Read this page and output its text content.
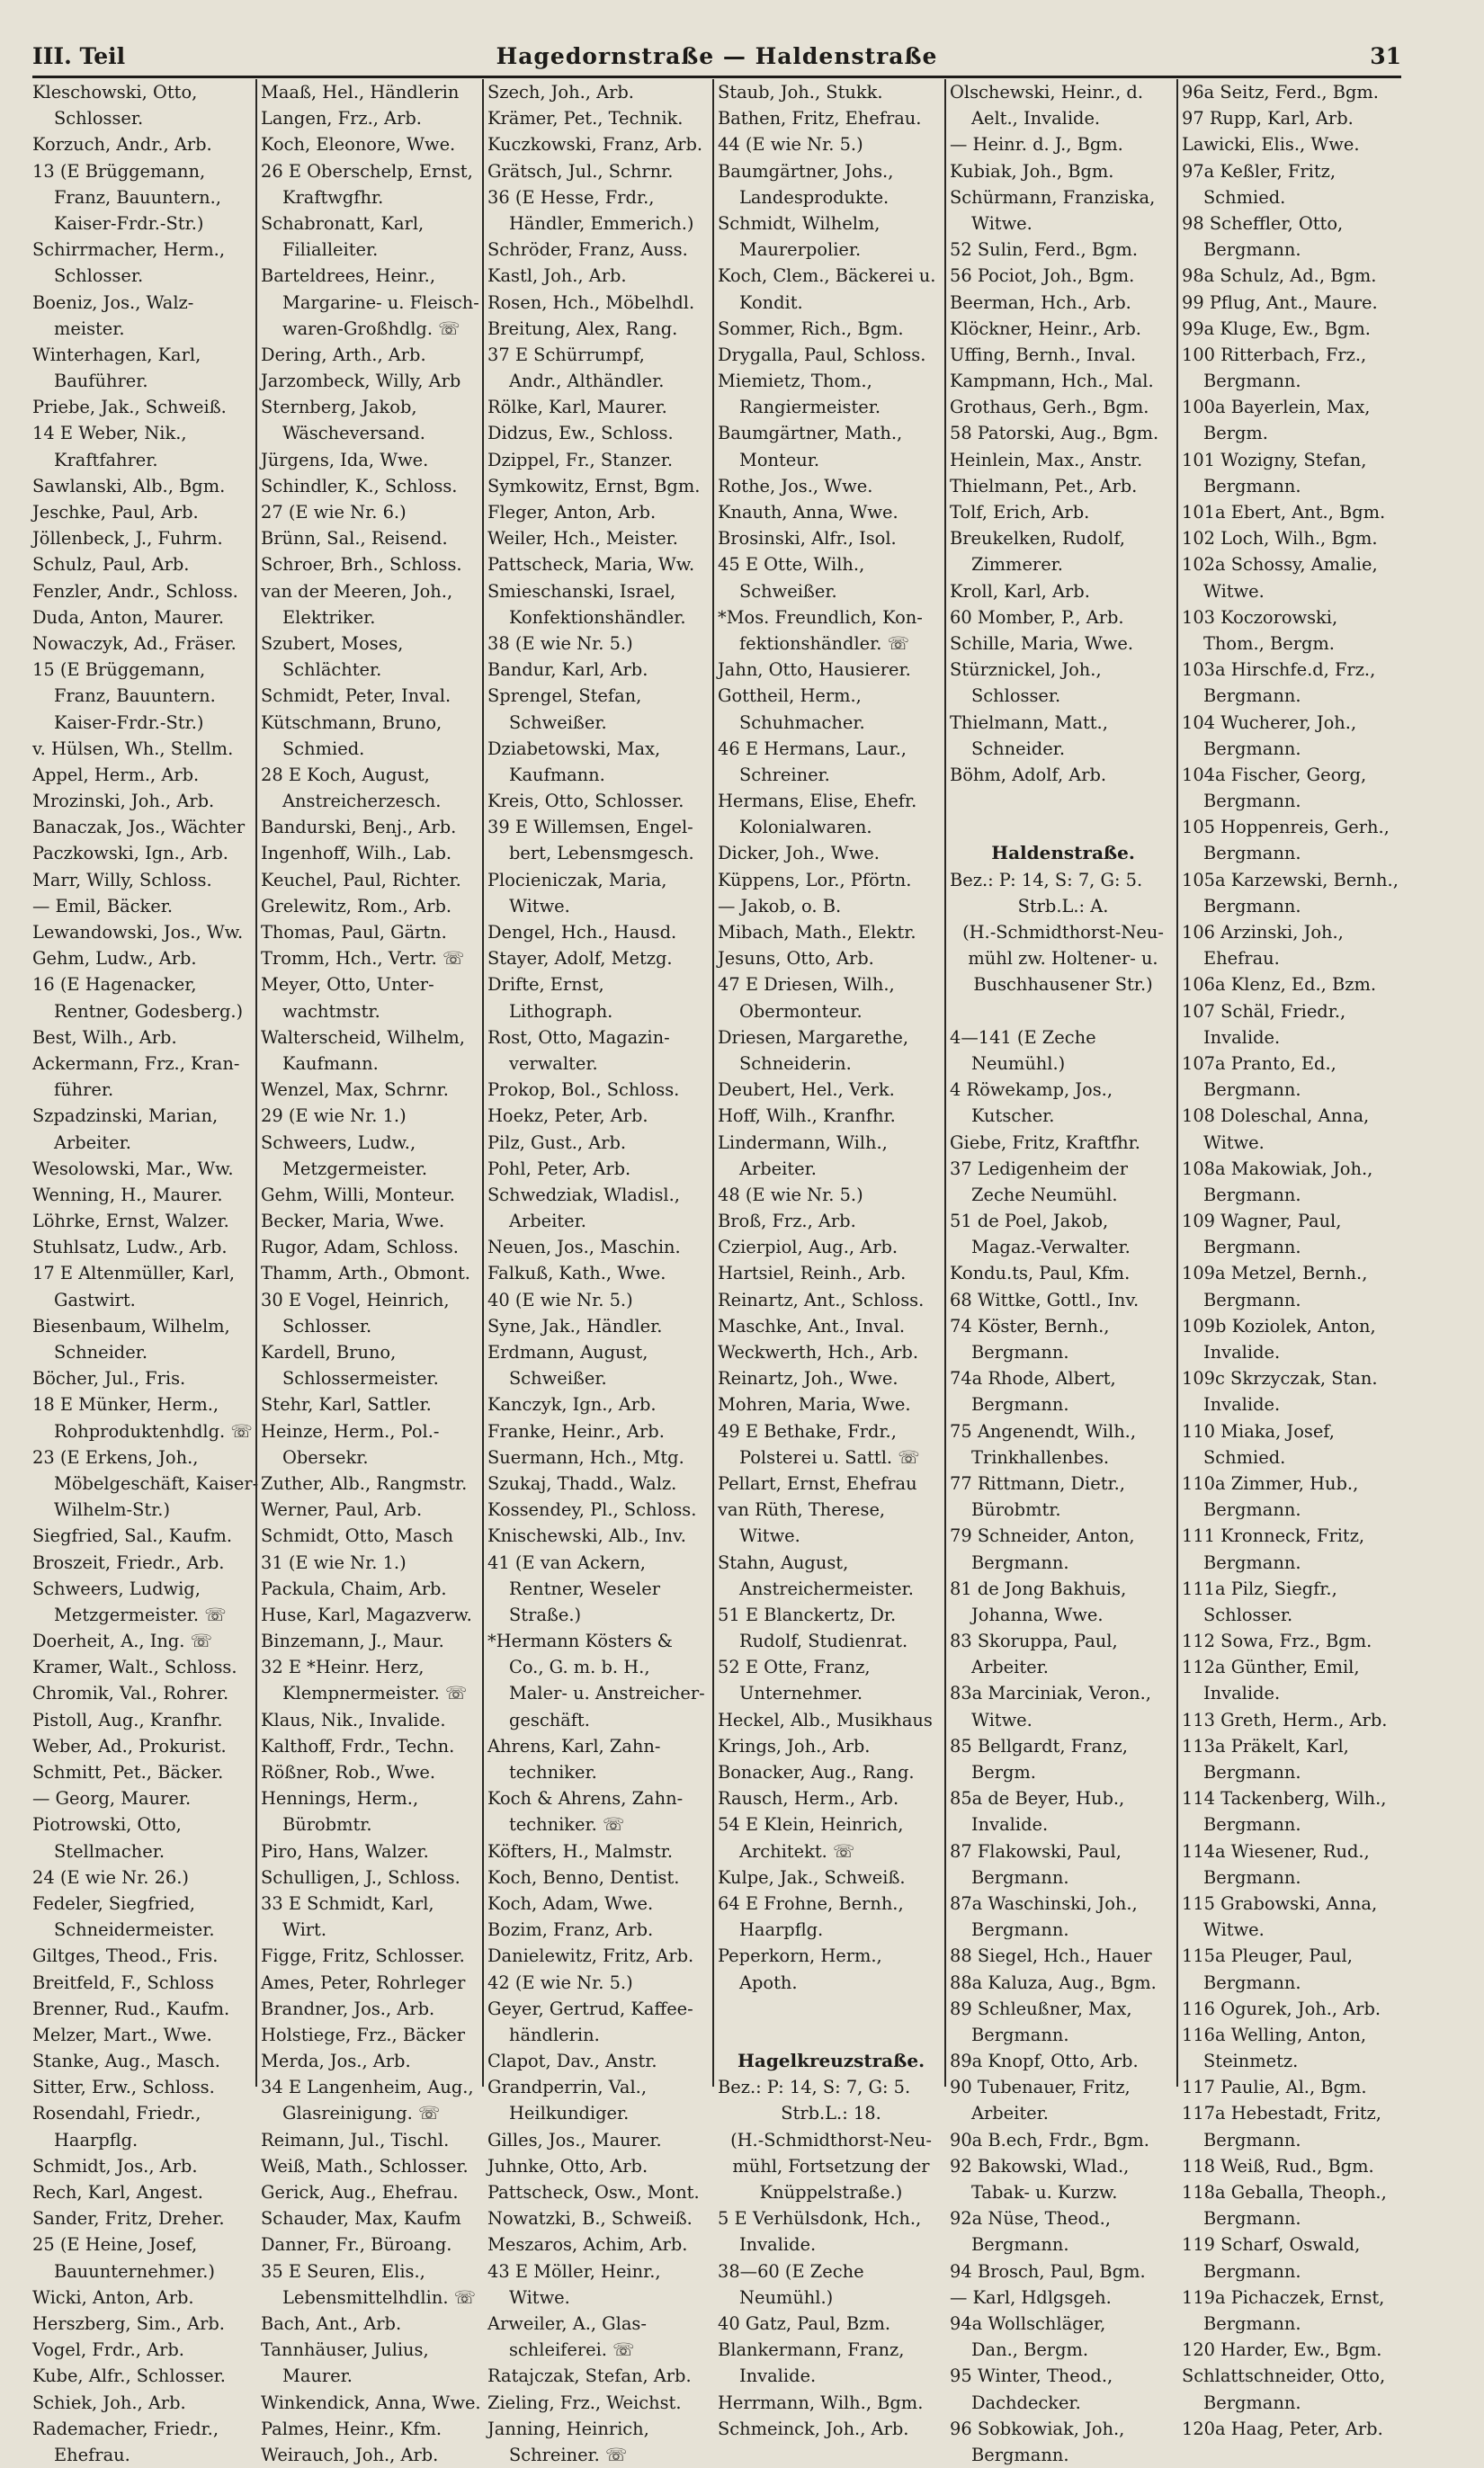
III. Teil	Hagedornstraße — Haldenstraße	31
Kleschowski, Otto,
Schlosser.
Korzuch, Andr., Arb.
13 (E Brüggemann,
Franz, Bauuntern.,
Kaiser-Frdr.-Str.)
Schirrmacher, Herm.,
Schlosser.
Boeniz, Jos., Walz-
meister.
Winterhagen, Karl,
Bauführer.
Priebe, Jak., Schweiß.
14 E Weber, Nik.,
Kraftfahrer.
Sawlanski, Alb., Bgm.
Jeschke, Paul, Arb.
Jöllenbeck, J., Fuhrm.
Schulz, Paul, Arb.
Fenzler, Andr., Schloss.
Duda, Anton, Maurer.
Nowaczyk, Ad., Fräser.
15 (E Brüggemann,
Franz, Bauuntern.
Kaiser-Frdr.-Str.)
v. Hülsen, Wh., Stellm.
Appel, Herm., Arb.
Mrozinski, Joh., Arb.
Banaczak, Jos., Wächter
Paczkowski, Ign., Arb.
Marr, Willy, Schloss.
— Emil, Bäcker.
Lewandowski, Jos., Ww.
Gehm, Ludw., Arb.
16 (E Hagenacker,
Rentner, Godesberg.)
Best, Wilh., Arb.
Ackermann, Frz., Kran-
führer.
Szpadzinski, Marian,
Arbeiter.
Wesolowski, Mar., Ww.
Wenning, H., Maurer.
Löhrke, Ernst, Walzer.
Stuhlsatz, Ludw., Arb.
17 E Altenmüller, Karl,
Gastwirt.
Biesenbaum, Wilhelm,
Schneider.
Böcher, Jul., Fris.
18 E Münker, Herm.,
Rohproduktenhdlg. ☏
23 (E Erkens, Joh.,
Möbelgeschäft, Kaiser-
Wilhelm-Str.)
Siegfried, Sal., Kaufm.
Broszeit, Friedr., Arb.
Schweers, Ludwig,
Metzgermeister. ☏
Doerheit, A., Ing. ☏
Kramer, Walt., Schloss.
Chromik, Val., Rohrer.
Pistoll, Aug., Kranfhr.
Weber, Ad., Prokurist.
Schmitt, Pet., Bäcker.
— Georg, Maurer.
Piotrowski, Otto,
Stellmacher.
24 (E wie Nr. 26.)
Fedeler, Siegfried,
Schneidermeister.
Giltges, Theod., Fris.
Breitfeld, F., Schloss
Brenner, Rud., Kaufm.
Melzer, Mart., Wwe.
Stanke, Aug., Masch.
Sitter, Erw., Schloss.
Rosendahl, Friedr.,
Haarpflg.
Schmidt, Jos., Arb.
Rech, Karl, Angest.
Sander, Fritz, Dreher.
25 (E Heine, Josef,
Bauunternehmer.)
Wicki, Anton, Arb.
Herszberg, Sim., Arb.
Vogel, Frdr., Arb.
Kube, Alfr., Schlosser.
Schiek, Joh., Arb.
Rademacher, Friedr.,
Ehefrau.
Maaß, Hel., Händlerin
Langen, Frz., Arb.
Koch, Eleonore, Wwe.
26 E Oberschelp, Ernst,
Kraftwgfhr.
Schabronatt, Karl,
Filialleiter.
Barteldrees, Heinr.,
Margarine- u. Fleisch-
waren-Großhdlg. ☏
Dering, Arth., Arb.
Jarzombeck, Willy, Arb
Sternberg, Jakob,
Wäscheversand.
Jürgens, Ida, Wwe.
Schindler, K., Schloss.
27 (E wie Nr. 6.)
Brünn, Sal., Reisend.
Schroer, Brh., Schloss.
van der Meeren, Joh.,
Elektriker.
Szubert, Moses,
Schlächter.
Schmidt, Peter, Inval.
Kütschmann, Bruno,
Schmied.
28 E Koch, August,
Anstreicherzesch.
Bandurski, Benj., Arb.
Ingenhoff, Wilh., Lab.
Keuchel, Paul, Richter.
Grelewitz, Rom., Arb.
Thomas, Paul, Gärtn.
Tromm, Hch., Vertr. ☏
Meyer, Otto, Unter-
wachtmstr.
Walterscheid, Wilhelm,
Kaufmann.
Wenzel, Max, Schrnr.
29 (E wie Nr. 1.)
Schweers, Ludw.,
Metzgermeister.
Gehm, Willi, Monteur.
Becker, Maria, Wwe.
Rugor, Adam, Schloss.
Thamm, Arth., Obmont.
30 E Vogel, Heinrich,
Schlosser.
Kardell, Bruno,
Schlossermeister.
Stehr, Karl, Sattler.
Heinze, Herm., Pol.-
Obersekr.
Zuther, Alb., Rangmstr.
Werner, Paul, Arb.
Schmidt, Otto, Masch
31 (E wie Nr. 1.)
Packula, Chaim, Arb.
Huse, Karl, Magazverw.
Binzemann, J., Maur.
32 E *Heinr. Herz,
Klempnermeister. ☏
Klaus, Nik., Invalide.
Kalthoff, Frdr., Techn.
Rößner, Rob., Wwe.
Hennings, Herm.,
Bürobmtr.
Piro, Hans, Walzer.
Schulligen, J., Schloss.
33 E Schmidt, Karl,
Wirt.
Figge, Fritz, Schlosser.
Ames, Peter, Rohrleger
Brandner, Jos., Arb.
Holstiege, Frz., Bäcker
Merda, Jos., Arb.
34 E Langenheim, Aug.,
Glasreinigung. ☏
Reimann, Jul., Tischl.
Weiß, Math., Schlosser.
Gerick, Aug., Ehefrau.
Schauder, Max, Kaufm
Danner, Fr., Büroang.
35 E Seuren, Elis.,
Lebensmittelhdlin. ☏
Bach, Ant., Arb.
Tannhäuser, Julius,
Maurer.
Winkendick, Anna, Wwe.
Palmes, Heinr., Kfm.
Weirauch, Joh., Arb.
Szech, Joh., Arb.
Krämer, Pet., Technik.
Kuczkowski, Franz, Arb.
Grätsch, Jul., Schrnr.
36 (E Hesse, Frdr.,
Händler, Emmerich.)
Schröder, Franz, Auss.
Kastl, Joh., Arb.
Rosen, Hch., Möbelhdl.
Breitung, Alex, Rang.
37 E Schürrumpf,
Andr., Althändler.
Rölke, Karl, Maurer.
Didzus, Ew., Schloss.
Dzippel, Fr., Stanzer.
Symkowitz, Ernst, Bgm.
Fleger, Anton, Arb.
Weiler, Hch., Meister.
Pattscheck, Maria, Ww.
Smieschanski, Israel,
Konfektionshändler.
38 (E wie Nr. 5.)
Bandur, Karl, Arb.
Sprengel, Stefan,
Schweißer.
Dziabetowski, Max,
Kaufmann.
Kreis, Otto, Schlosser.
39 E Willemsen, Engel-
bert, Lebensmgesch.
Plocieniczak, Maria,
Witwe.
Dengel, Hch., Hausd.
Stayer, Adolf, Metzg.
Drifte, Ernst,
Lithograph.
Rost, Otto, Magazin-
verwalter.
Prokop, Bol., Schloss.
Hoekz, Peter, Arb.
Pilz, Gust., Arb.
Pohl, Peter, Arb.
Schwedziak, Wladisl.,
Arbeiter.
Neuen, Jos., Maschin.
Falkuß, Kath., Wwe.
40 (E wie Nr. 5.)
Syne, Jak., Händler.
Erdmann, August,
Schweißer.
Kanczyk, Ign., Arb.
Franke, Heinr., Arb.
Suermann, Hch., Mtg.
Szukaj, Thadd., Walz.
Kossendey, Pl., Schloss.
Knischewski, Alb., Inv.
41 (E van Ackern,
Rentner, Weseler
Straße.)
*Hermann Kösters &
Co., G. m. b. H.,
Maler- u. Anstreicher-
geschäft.
Ahrens, Karl, Zahn-
techniker.
Koch & Ahrens, Zahn-
techniker. ☏
Köfters, H., Malmstr.
Koch, Benno, Dentist.
Koch, Adam, Wwe.
Bozim, Franz, Arb.
Danielewitz, Fritz, Arb.
42 (E wie Nr. 5.)
Geyer, Gertrud, Kaffee-
händlerin.
Clapot, Dav., Anstr.
Grandperrin, Val.,
Heilkundiger.
Gilles, Jos., Maurer.
Juhnke, Otto, Arb.
Pattscheck, Osw., Mont.
Nowatzki, B., Schweiß.
Meszaros, Achim, Arb.
43 E Möller, Heinr.,
Witwe.
Arweiler, A., Glas-
schleiferei. ☏
Ratajczak, Stefan, Arb.
Zieling, Frz., Weichst.
Janning, Heinrich,
Schreiner. ☏
Staub, Joh., Stukk.
Bathen, Fritz, Ehefrau.
44 (E wie Nr. 5.)
Baumgärtner, Johs.,
Landesprodukte.
Schmidt, Wilhelm,
Maurerpolier.
Koch, Clem., Bäckerei u.
Kondit.
Sommer, Rich., Bgm.
Drygalla, Paul, Schloss.
Miemietz, Thom.,
Rangiermeister.
Baumgärtner, Math.,
Monteur.
Rothe, Jos., Wwe.
Knauth, Anna, Wwe.
Brosinski, Alfr., Isol.
45 E Otte, Wilh.,
Schweißer.
*Mos. Freundlich, Kon-
fektionshändler. ☏
Jahn, Otto, Hausierer.
Gottheil, Herm.,
Schuhmacher.
46 E Hermans, Laur.,
Schreiner.
Hermans, Elise, Ehefr.
Kolonialwaren.
Dicker, Joh., Wwe.
Küppens, Lor., Pförtn.
— Jakob, o. B.
Mibach, Math., Elektr.
Jesuns, Otto, Arb.
47 E Driesen, Wilh.,
Obermonteur.
Driesen, Margarethe,
Schneiderin.
Deubert, Hel., Verk.
Hoff, Wilh., Kranfhr.
Lindermann, Wilh.,
Arbeiter.
48 (E wie Nr. 5.)
Broß, Frz., Arb.
Czierpiol, Aug., Arb.
Hartsiel, Reinh., Arb.
Reinartz, Ant., Schloss.
Maschke, Ant., Inval.
Weckwerth, Hch., Arb.
Reinartz, Joh., Wwe.
Mohren, Maria, Wwe.
49 E Bethake, Frdr.,
Polsterei u. Sattl. ☏
Pellart, Ernst, Ehefrau
van Rüth, Therese,
Witwe.
Stahn, August,
Anstreichermeister.
51 E Blanckertz, Dr.
Rudolf, Studienrat.
52 E Otte, Franz,
Unternehmer.
Heckel, Alb., Musikhaus
Krings, Joh., Arb.
Bonacker, Aug., Rang.
Rausch, Herm., Arb.
54 E Klein, Heinrich,
Architekt. ☏
Kulpe, Jak., Schweiß.
64 E Frohne, Bernh.,
Haarpflg.
Peperkorn, Herm.,
Apoth.
Hagelkreuzstraße.
Bez.: P: 14, S: 7, G: 5.
Strb.L.: 18.
(H.-Schmidthorst-Neu-
mühl, Fortsetzung der
Knüppelstraße.)
5 E Verhülsdonk, Hch.,
Invalide.
38—60 (E Zeche
Neumühl.)
40 Gatz, Paul, Bzm.
Blankermann, Franz,
Invalide.
Herrmann, Wilh., Bgm.
Schmeinck, Joh., Arb.
Olschewski, Heinr., d.
Aelt., Invalide.
— Heinr. d. J., Bgm.
Kubiak, Joh., Bgm.
Schürmann, Franziska,
Witwe.
52 Sulin, Ferd., Bgm.
56 Pociot, Joh., Bgm.
Beerman, Hch., Arb.
Klöckner, Heinr., Arb.
Uffing, Bernh., Inval.
Kampmann, Hch., Mal.
Grothaus, Gerh., Bgm.
58 Patorski, Aug., Bgm.
Heinlein, Max., Anstr.
Thielmann, Pet., Arb.
Tolf, Erich, Arb.
Breukelken, Rudolf,
Zimmerer.
Kroll, Karl, Arb.
60 Momber, P., Arb.
Schille, Maria, Wwe.
Stürznickel, Joh.,
Schlosser.
Thielmann, Matt.,
Schneider.
Böhm, Adolf, Arb.
Haldenstraße.
Bez.: P: 14, S: 7, G: 5.
Strb.L.: A.
(H.-Schmidthorst-Neu-
mühl zw. Holtener- u.
Buschhausener Str.)
4—141 (E Zeche
Neumühl.)
4 Röwekamp, Jos.,
Kutscher.
Giebe, Fritz, Kraftfhr.
37 Ledigenheim der
Zeche Neumühl.
51 de Poel, Jakob,
Magaz.-Verwalter.
Kondu.ts, Paul, Kfm.
68 Wittke, Gottl., Inv.
74 Köster, Bernh.,
Bergmann.
74a Rhode, Albert,
Bergmann.
75 Angenendt, Wilh.,
Trinkhallenbes.
77 Rittmann, Dietr.,
Bürobmtr.
79 Schneider, Anton,
Bergmann.
81 de Jong Bakhuis,
Johanna, Wwe.
83 Skoruppa, Paul,
Arbeiter.
83a Marciniak, Veron.,
Witwe.
85 Bellgardt, Franz,
Bergm.
85a de Beyer, Hub.,
Invalide.
87 Flakowski, Paul,
Bergmann.
87a Waschinski, Joh.,
Bergmann.
88 Siegel, Hch., Hauer
88a Kaluza, Aug., Bgm.
89 Schleußner, Max,
Bergmann.
89a Knopf, Otto, Arb.
90 Tubenauer, Fritz,
Arbeiter.
90a B.ech, Frdr., Bgm.
92 Bakowski, Wlad.,
Tabak- u. Kurzw.
92a Nüse, Theod.,
Bergmann.
94 Brosch, Paul, Bgm.
— Karl, Hdlgsgeh.
94a Wollschläger,
Dan., Bergm.
95 Winter, Theod.,
Dachdecker.
96 Sobkowiak, Joh.,
Bergmann.
96a Seitz, Ferd., Bgm.
97 Rupp, Karl, Arb.
Lawicki, Elis., Wwe.
97a Keßler, Fritz,
Schmied.
98 Scheffler, Otto,
Bergmann.
98a Schulz, Ad., Bgm.
99 Pflug, Ant., Maure.
99a Kluge, Ew., Bgm.
100 Ritterbach, Frz.,
Bergmann.
100a Bayerlein, Max,
Bergm.
101 Wozigny, Stefan,
Bergmann.
101a Ebert, Ant., Bgm.
102 Loch, Wilh., Bgm.
102a Schossy, Amalie,
Witwe.
103 Koczorowski,
Thom., Bergm.
103a Hirschfe.d, Frz.,
Bergmann.
104 Wucherer, Joh.,
Bergmann.
104a Fischer, Georg,
Bergmann.
105 Hoppenreis, Gerh.,
Bergmann.
105a Karzewski, Bernh.,
Bergmann.
106 Arzinski, Joh.,
Ehefrau.
106a Klenz, Ed., Bzm.
107 Schäl, Friedr.,
Invalide.
107a Pranto, Ed.,
Bergmann.
108 Doleschal, Anna,
Witwe.
108a Makowiak, Joh.,
Bergmann.
109 Wagner, Paul,
Bergmann.
109a Metzel, Bernh.,
Bergmann.
109b Koziolek, Anton,
Invalide.
109c Skrzyczak, Stan.
Invalide.
110 Miaka, Josef,
Schmied.
110a Zimmer, Hub.,
Bergmann.
111 Kronneck, Fritz,
Bergmann.
111a Pilz, Siegfr.,
Schlosser.
112 Sowa, Frz., Bgm.
112a Günther, Emil,
Invalide.
113 Greth, Herm., Arb.
113a Präkelt, Karl,
Bergmann.
114 Tackenberg, Wilh.,
Bergmann.
114a Wiesener, Rud.,
Bergmann.
115 Grabowski, Anna,
Witwe.
115a Pleuger, Paul,
Bergmann.
116 Ogurek, Joh., Arb.
116a Welling, Anton,
Steinmetz.
117 Paulie, Al., Bgm.
117a Hebestadt, Fritz,
Bergmann.
118 Weiß, Rud., Bgm.
118a Geballa, Theoph.,
Bergmann.
119 Scharf, Oswald,
Bergmann.
119a Pichaczek, Ernst,
Bergmann.
120 Harder, Ew., Bgm.
Schlattschneider, Otto,
Bergmann.
120a Haag, Peter, Arb.
